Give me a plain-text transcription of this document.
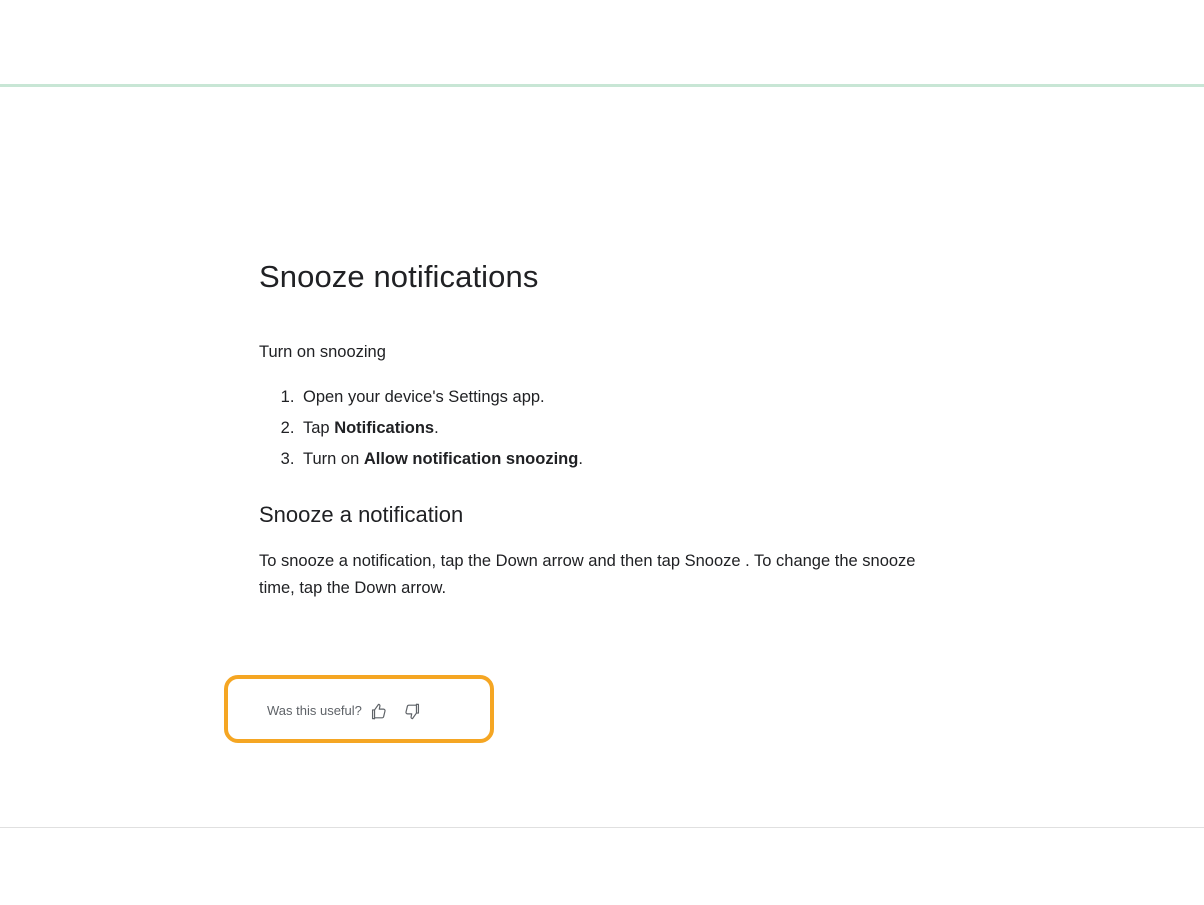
Snooze notifications
Turn on snoozing
1. Open your device's Settings app.
2. Tap Notifications.
3. Turn on Allow notification snoozing.
Snooze a notification

To snooze a notification, tap the Down arrow and then tap Snooze . To change the snooze time, tap the Down arrow.

Was this useful?
